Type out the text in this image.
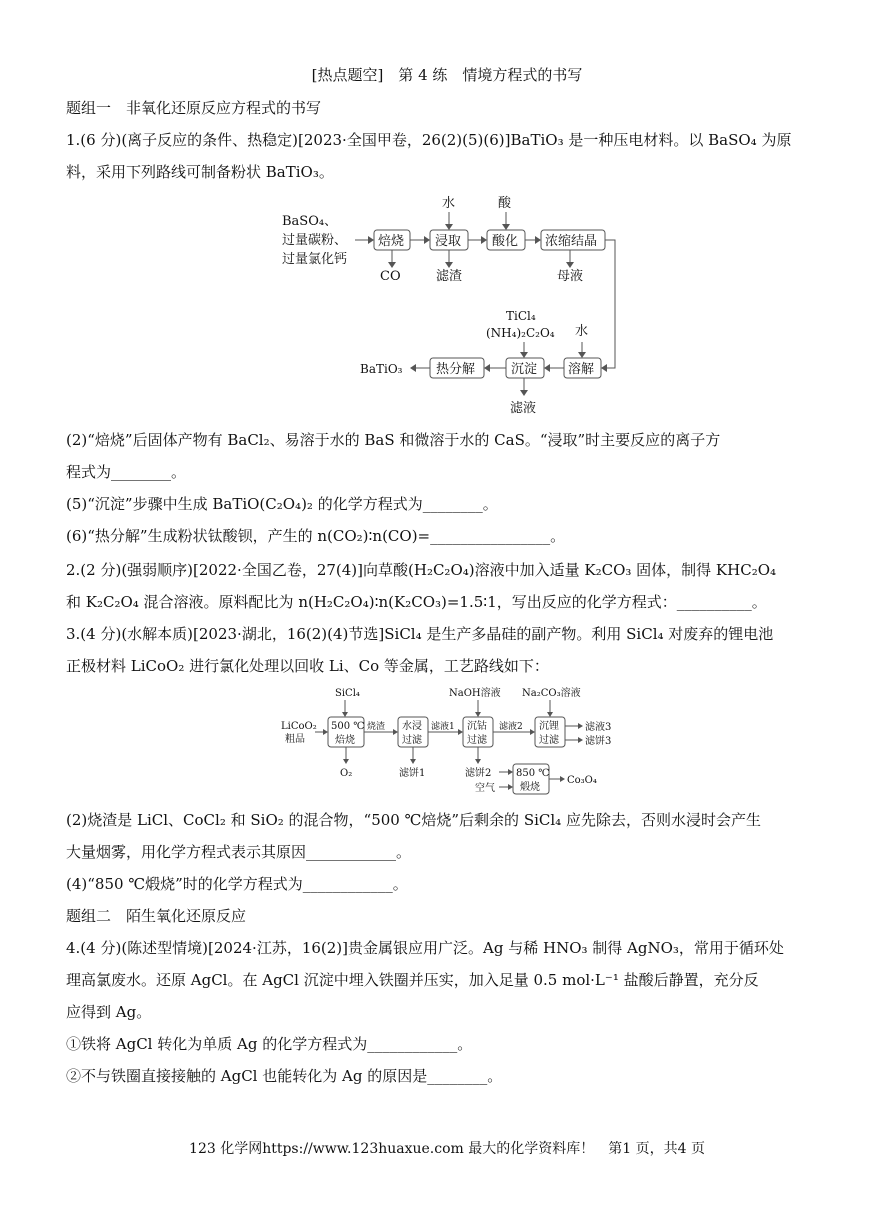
[热点题空]　第 4 练　情境方程式的书写
题组一　非氧化还原反应方程式的书写
1.(6 分)(离子反应的条件、热稳定)[2023·全国甲卷，26(2)(5)(6)]BaTiO₃ 是一种压电材料。以 BaSO₄ 为原
料，采用下列路线可制备粉状 BaTiO₃。
BaSO₄、
过量碳粉、
过量氯化钙
焙烧 浸取 酸化 浓缩结晶
水	酸
CO	滤渣	母液
TiCl₄
(NH₄)₂C₂O₄ 水
溶解
沉淀
热分解
BaTiO₃
滤液
(2)“焙烧”后固体产物有 BaCl₂、易溶于水的 BaS 和微溶于水的 CaS。“浸取”时主要反应的离子方
程式为________。
(5)“沉淀”步骤中生成 BaTiO(C₂O₄)₂ 的化学方程式为________。
(6)“热分解”生成粉状钛酸钡，产生的 n(CO₂)∶n(CO)=________________。
2.(2 分)(强弱顺序)[2022·全国乙卷，27(4)]向草酸(H₂C₂O₄)溶液中加入适量 K₂CO₃ 固体，制得 KHC₂O₄
和 K₂C₂O₄ 混合溶液。原料配比为 n(H₂C₂O₄)∶n(K₂CO₃)=1.5∶1，写出反应的化学方程式：__________。
3.(4 分)(水解本质)[2023·湖北，16(2)(4)节选]SiCl₄ 是生产多晶硅的副产物。利用 SiCl₄ 对废弃的锂电池
正极材料 LiCoO₂ 进行氯化处理以回收 Li、Co 等金属，工艺路线如下：
SiCl₄	NaOH溶液 Na₂CO₃溶液
LiCoO₂
粗品
500 ℃
焙烧
烧渣 水浸
过滤
滤液1 沉钴
过滤
滤液2 沉锂
过滤
滤液3
滤饼3
O₂	滤饼1	滤饼2
空气
850 ℃
煅烧
Co₃O₄
(2)烧渣是 LiCl、CoCl₂ 和 SiO₂ 的混合物，“500 ℃焙烧”后剩余的 SiCl₄ 应先除去，否则水浸时会产生
大量烟雾，用化学方程式表示其原因____________。
(4)“850 ℃煅烧”时的化学方程式为____________。
题组二　陌生氧化还原反应
4.(4 分)(陈述型情境)[2024·江苏，16(2)]贵金属银应用广泛。Ag 与稀 HNO₃ 制得 AgNO₃，常用于循环处
理高氯废水。还原 AgCl。在 AgCl 沉淀中埋入铁圈并压实，加入足量 0.5 mol·L⁻¹ 盐酸后静置，充分反
应得到 Ag。
①铁将 AgCl 转化为单质 Ag 的化学方程式为____________。
②不与铁圈直接接触的 AgCl 也能转化为 Ag 的原因是________。
123 化学网https://www.123huaxue.com 最大的化学资料库！　第1 页，共4 页
